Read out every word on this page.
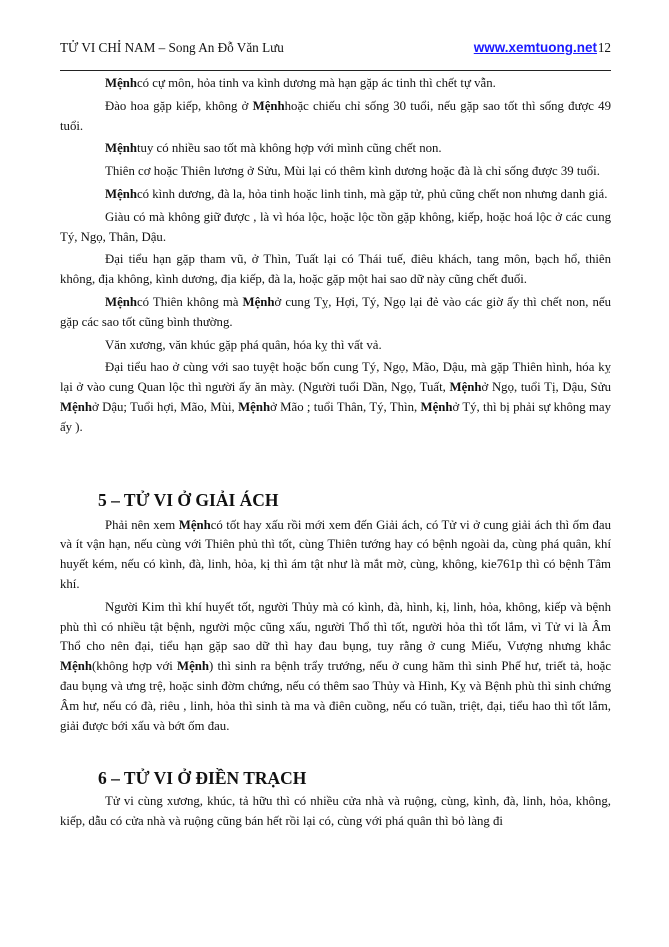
TỬ VI CHỈ NAM – Song An Đỗ Văn Lưu	www.xemtuong.net 12

Mệnhcó cự môn, hỏa tinh va kình dương mà hạn gặp ác tinh thì chết tự vẫn.

Đào hoa gặp kiếp, không ở Mệnhhoặc chiếu chỉ sống 30 tuổi, nếu gặp sao tốt thì sống được 49 tuổi.

Mệnhtuy có nhiều sao tốt mà không hợp với mình cũng chết non.

Thiên cơ hoặc Thiên lương ở Sửu, Mùi lại có thêm kình dương hoặc đà là chỉ sống được 39 tuổi.

Mệnhcó kình dương, đà la, hỏa tinh hoặc linh tinh, mà gặp tử, phủ cũng chết non nhưng danh giá.

Giàu có mà không giữ được , là vì hóa lộc, hoặc lộc tồn gặp không, kiếp, hoặc hoá lộc ở các cung Tý, Ngọ, Thân, Dậu.

Đại tiểu hạn gặp tham vũ, ở Thìn, Tuất lại có Thái tuế, điêu khách, tang môn, bạch hổ, thiên không, địa không, kình dương, địa kiếp, đà la, hoặc gặp một hai sao dữ này cũng chết đuối.

Mệnhcó Thiên không mà Mệnhở cung Tỵ, Hợi, Tý, Ngọ lại đẻ vào các giờ ấy thì chết non, nếu gặp các sao tốt cũng bình thường.

Văn xương, văn khúc gặp phá quân, hóa kỵ thì vất vả.

Đại tiểu hao ở cùng với sao tuyệt hoặc bốn cung Tý, Ngọ, Mão, Dậu, mà gặp Thiên hình, hóa kỵ lại ở vào cung Quan lộc thì người ấy ăn mày. (Người tuổi Dần, Ngọ, Tuất, Mệnhở Ngọ, tuổi Tị, Dậu, Sửu Mệnhở Dậu; Tuổi hợi, Mão, Mùi, Mệnhở Mão ; tuổi Thân, Tý, Thìn, Mệnhở Tý, thì bị phải sự không may ấy ).

5 – TỬ VI Ở GIẢI ÁCH

Phải nên xem Mệnhcó tốt hay xấu rồi mới xem đến Giải ách, có Tử vi ở cung giải ách thì ốm đau và ít vận hạn, nếu cùng với Thiên phủ thì tốt, cùng Thiên tướng hay có bệnh ngoài da, cùng phá quân, khí huyết kém, nếu có kình, đà, linh, hỏa, kị thì ám tật như là mắt mờ, cùng, không, kie761p thì có bệnh Tâm khí.

Người Kim thì khí huyết tốt, người Thủy mà có kình, đà, hình, kị, linh, hỏa, không, kiếp và bệnh phù thì có nhiều tật bệnh, người mộc cũng xấu, người Thổ thì tốt, người hỏa thì tốt lắm, vì Tử vi là Âm Thổ cho nên đại, tiểu hạn gặp sao dữ thì hay đau bụng, tuy rằng ở cung Miếu, Vượng nhưng khắc Mệnh(không hợp với Mệnh) thì sinh ra bệnh trẩy trướng, nếu ở cung hãm thì sinh Phế hư, triết tả, hoặc đau bụng và ưng trệ, hoặc sinh đờm chứng, nếu có thêm sao Thủy và Hình, Kỵ và Bệnh phù thì sinh chứng Âm hư, nếu có đà, riêu , linh, hỏa thì sinh tà ma và điên cuồng, nếu có tuần, triệt, đại, tiểu hao thì tốt lắm, giải được bới xấu và bớt ốm đau.

6 – TỬ VI Ở ĐIỀN TRẠCH

Tử vi cùng xương, khúc, tả hữu thì có nhiều cửa nhà và ruộng, cùng, kình, đà, linh, hỏa, không, kiếp, dẫu có cửa nhà và ruộng cũng bán hết rồi lại có, cùng với phá quân thì bỏ làng đi
